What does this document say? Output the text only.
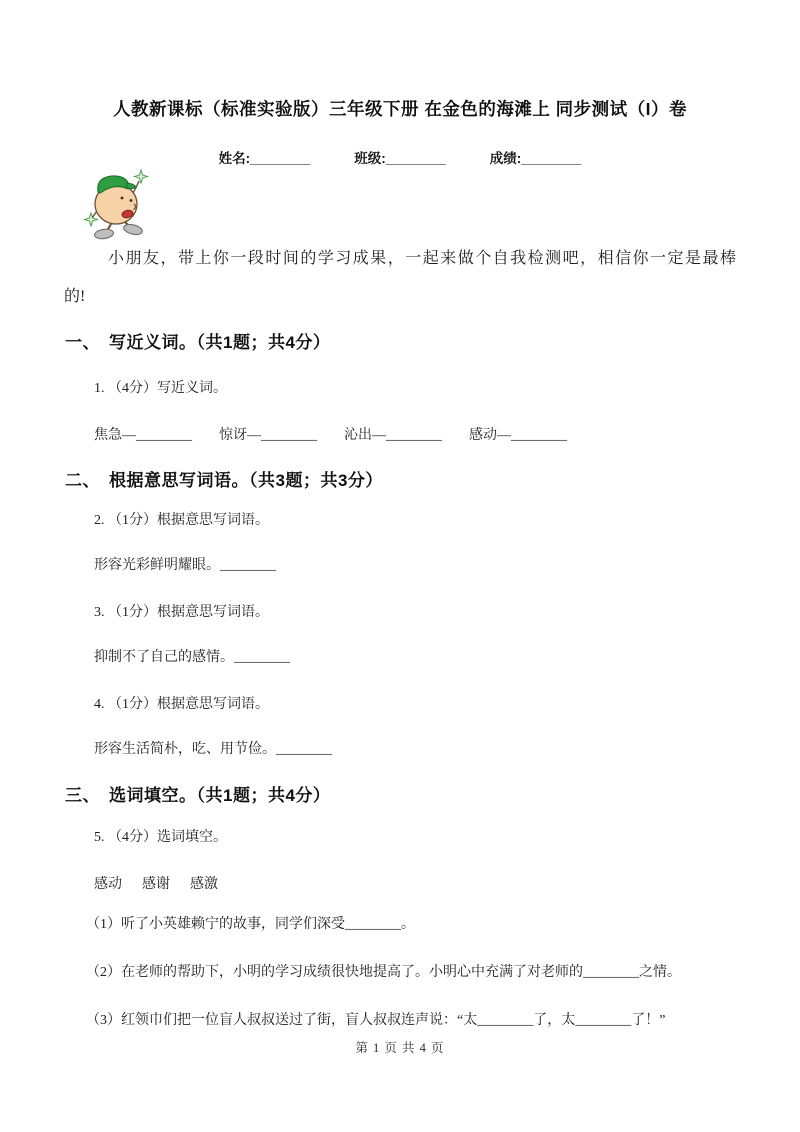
人教新课标（标准实验版）三年级下册 在金色的海滩上 同步测试（I）卷
姓名:________	班级:________	成绩:________
小朋友，带上你一段时间的学习成果，一起来做个自我检测吧，相信你一定是最棒
的!
一、　写近义词。（共1题；共4分）
1. （4分）写近义词。
焦急—________ 惊讶—________ 沁出—________ 感动—________
二、　根据意思写词语。（共3题；共3分）
2. （1分）根据意思写词语。
形容光彩鲜明耀眼。________
3. （1分）根据意思写词语。
抑制不了自己的感情。________
4. （1分）根据意思写词语。
形容生活简朴，吃、用节俭。________
三、　选词填空。（共1题；共4分）
5. （4分）选词填空。
感动 感谢 感激
（1）听了小英雄赖宁的故事，同学们深受________。
（2）在老师的帮助下，小明的学习成绩很快地提高了。小明心中充满了对老师的________之情。
（3）红领巾们把一位盲人叔叔送过了街，盲人叔叔连声说：“太________了，太________了！”
第 1 页 共 4 页
